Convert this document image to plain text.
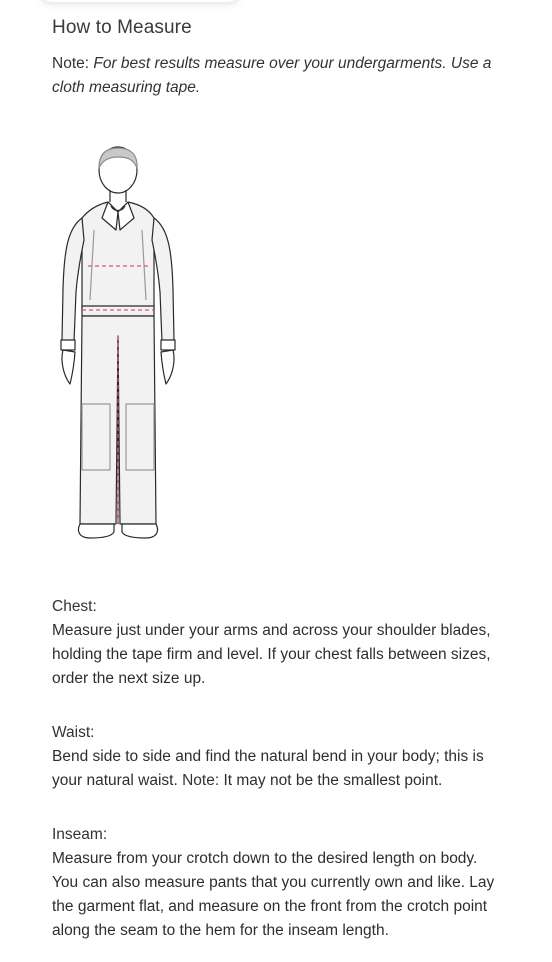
How to Measure

Note: For best results measure over your undergarments. Use a cloth measuring tape.

Chest:

Measure just under your arms and across your shoulder blades, holding the tape firm and level. If your chest falls between sizes, order the next size up.

Waist:

Bend side to side and find the natural bend in your body; this is your natural waist. Note: It may not be the smallest point.

Inseam:

Measure from your crotch down to the desired length on body. You can also measure pants that you currently own and like. Lay the garment flat, and measure on the front from the crotch point along the seam to the hem for the inseam length.
